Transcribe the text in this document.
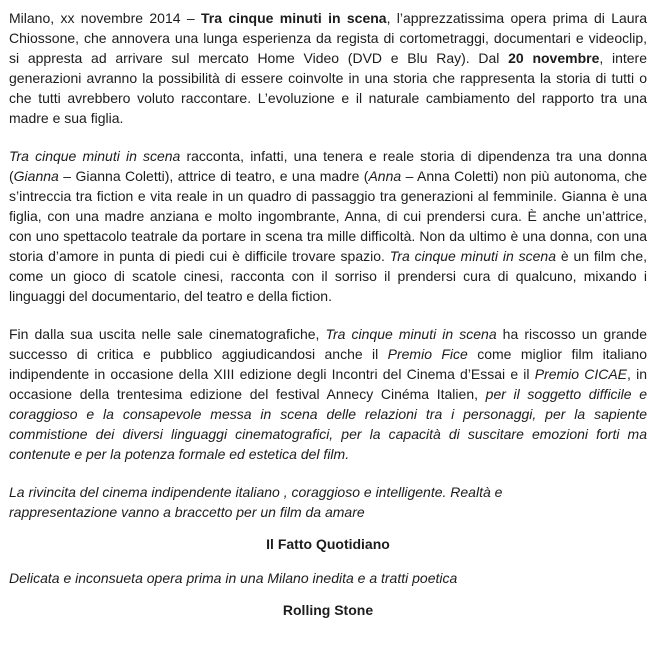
Milano, xx novembre 2014 – Tra cinque minuti in scena, l’apprezzatissima opera prima di Laura Chiossone, che annovera una lunga esperienza da regista di cortometraggi, documentari e videoclip, si appresta ad arrivare sul mercato Home Video (DVD e Blu Ray). Dal 20 novembre, intere generazioni avranno la possibilità di essere coinvolte in una storia che rappresenta la storia di tutti o che tutti avrebbero voluto raccontare. L’evoluzione e il naturale cambiamento del rapporto tra una madre e sua figlia.

Tra cinque minuti in scena racconta, infatti, una tenera e reale storia di dipendenza tra una donna (Gianna – Gianna Coletti), attrice di teatro, e una madre (Anna – Anna Coletti) non più autonoma, che s’intreccia tra fiction e vita reale in un quadro di passaggio tra generazioni al femminile. Gianna è una figlia, con una madre anziana e molto ingombrante, Anna, di cui prendersi cura. È anche un’attrice, con uno spettacolo teatrale da portare in scena tra mille difficoltà. Non da ultimo è una donna, con una storia d’amore in punta di piedi cui è difficile trovare spazio. Tra cinque minuti in scena è un film che, come un gioco di scatole cinesi, racconta con il sorriso il prendersi cura di qualcuno, mixando i linguaggi del documentario, del teatro e della fiction.

Fin dalla sua uscita nelle sale cinematografiche, Tra cinque minuti in scena ha riscosso un grande successo di critica e pubblico aggiudicandosi anche il Premio Fice come miglior film italiano indipendente in occasione della XIII edizione degli Incontri del Cinema d’Essai e il Premio CICAE, in occasione della trentesima edizione del festival Annecy Cinéma Italien, per il soggetto difficile e coraggioso e la consapevole messa in scena delle relazioni tra i personaggi, per la sapiente commistione dei diversi linguaggi cinematografici, per la capacità di suscitare emozioni forti ma contenute e per la potenza formale ed estetica del film.

La rivincita del cinema indipendente italiano , coraggioso e intelligente. Realtà e
rappresentazione vanno a braccetto per un film da amare

Il Fatto Quotidiano

Delicata e inconsueta opera prima in una Milano inedita e a tratti poetica

Rolling Stone
